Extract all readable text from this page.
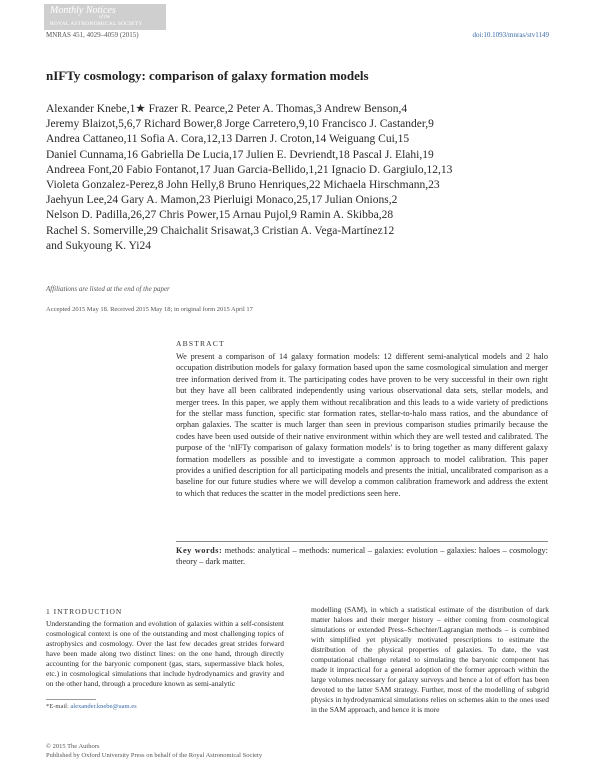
Monthly Notices
of the
ROYAL ASTRONOMICAL SOCIETY
MNRAS 451, 4029–4059 (2015)	doi:10.1093/mnras/stv1149
nIFTy cosmology: comparison of galaxy formation models

Alexander Knebe,1★ Frazer R. Pearce,2 Peter A. Thomas,3 Andrew Benson,4

Jeremy Blaizot,5,6,7 Richard Bower,8 Jorge Carretero,9,10 Francisco J. Castander,9

Andrea Cattaneo,11 Sofia A. Cora,12,13 Darren J. Croton,14 Weiguang Cui,15

Daniel Cunnama,16 Gabriella De Lucia,17 Julien E. Devriendt,18 Pascal J. Elahi,19

Andreea Font,20 Fabio Fontanot,17 Juan Garcia-Bellido,1,21 Ignacio D. Gargiulo,12,13

Violeta Gonzalez-Perez,8 John Helly,8 Bruno Henriques,22 Michaela Hirschmann,23

Jaehyun Lee,24 Gary A. Mamon,23 Pierluigi Monaco,25,17 Julian Onions,2

Nelson D. Padilla,26,27 Chris Power,15 Arnau Pujol,9 Ramin A. Skibba,28

Rachel S. Somerville,29 Chaichalit Srisawat,3 Cristian A. Vega-Martínez12

and Sukyoung K. Yi24

Affiliations are listed at the end of the paper
Accepted 2015 May 18. Received 2015 May 18; in original form 2015 April 17
ABSTRACT
We present a comparison of 14 galaxy formation models: 12 different semi-analytical models and 2 halo occupation distribution models for galaxy formation based upon the same cosmological simulation and merger tree information derived from it. The participating codes have proven to be very successful in their own right but they have all been calibrated independently using various observational data sets, stellar models, and merger trees. In this paper, we apply them without recalibration and this leads to a wide variety of predictions for the stellar mass function, specific star formation rates, stellar-to-halo mass ratios, and the abundance of orphan galaxies. The scatter is much larger than seen in previous comparison studies primarily because the codes have been used outside of their native environment within which they are well tested and calibrated. The purpose of the ‘nIFTy comparison of galaxy formation models’ is to bring together as many different galaxy formation modellers as possible and to investigate a common approach to model calibration. This paper provides a unified description for all participating models and presents the initial, uncalibrated comparison as a baseline for our future studies where we will develop a common calibration framework and address the extent to which that reduces the scatter in the model predictions seen here.
Key words: methods: analytical – methods: numerical – galaxies: evolution – galaxies: haloes – cosmology: theory – dark matter.
1 INTRODUCTION
Understanding the formation and evolution of galaxies within a self-consistent cosmological context is one of the outstanding and most challenging topics of astrophysics and cosmology. Over the last few decades great strides forward have been made along two distinct lines: on the one hand, through directly accounting for the baryonic component (gas, stars, supermassive black holes, etc.) in cosmological simulations that include hydrodynamics and gravity and on the other hand, through a procedure known as semi-analytic
modelling (SAM), in which a statistical estimate of the distribution of dark matter haloes and their merger history – either coming from cosmological simulations or extended Press–Schechter/Lagrangian methods – is combined with simplified yet physically motivated prescriptions to estimate the distribution of the physical properties of galaxies. To date, the vast computational challenge related to simulating the baryonic component has made it impractical for a general adoption of the former approach within the large volumes necessary for galaxy surveys and hence a lot of effort has been devoted to the latter SAM strategy. Further, most of the modelling of subgrid physics in hydrodynamical simulations relies on schemes akin to the ones used in the SAM approach, and hence it is more
*E-mail: alexander.knebe@uam.es
© 2015 The Authors
Published by Oxford University Press on behalf of the Royal Astronomical Society
